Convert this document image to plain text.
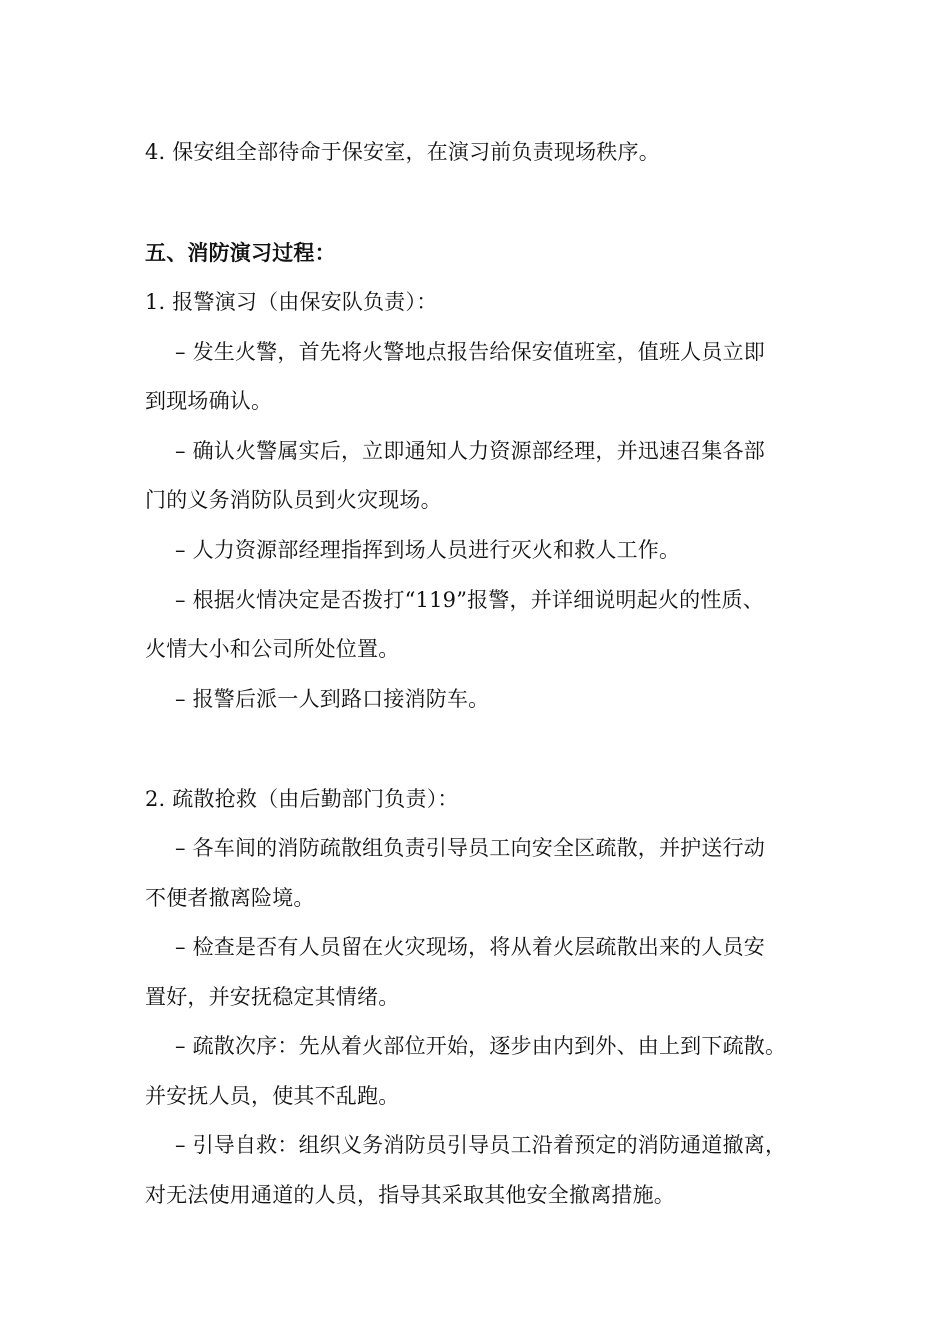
4. 保安组全部待命于保安室，在演习前负责现场秩序。
五、消防演习过程：
1. 报警演习（由保安队负责）：
– 发生火警，首先将火警地点报告给保安值班室，值班人员立即
到现场确认。
– 确认火警属实后，立即通知人力资源部经理，并迅速召集各部
门的义务消防队员到火灾现场。
– 人力资源部经理指挥到场人员进行灭火和救人工作。
– 根据火情决定是否拨打“119”报警，并详细说明起火的性质、
火情大小和公司所处位置。
– 报警后派一人到路口接消防车。
2. 疏散抢救（由后勤部门负责）：
– 各车间的消防疏散组负责引导员工向安全区疏散，并护送行动
不便者撤离险境。
– 检查是否有人员留在火灾现场，将从着火层疏散出来的人员安
置好，并安抚稳定其情绪。
– 疏散次序：先从着火部位开始，逐步由内到外、由上到下疏散。
并安抚人员，使其不乱跑。
– 引导自救：组织义务消防员引导员工沿着预定的消防通道撤离，
对无法使用通道的人员，指导其采取其他安全撤离措施。
